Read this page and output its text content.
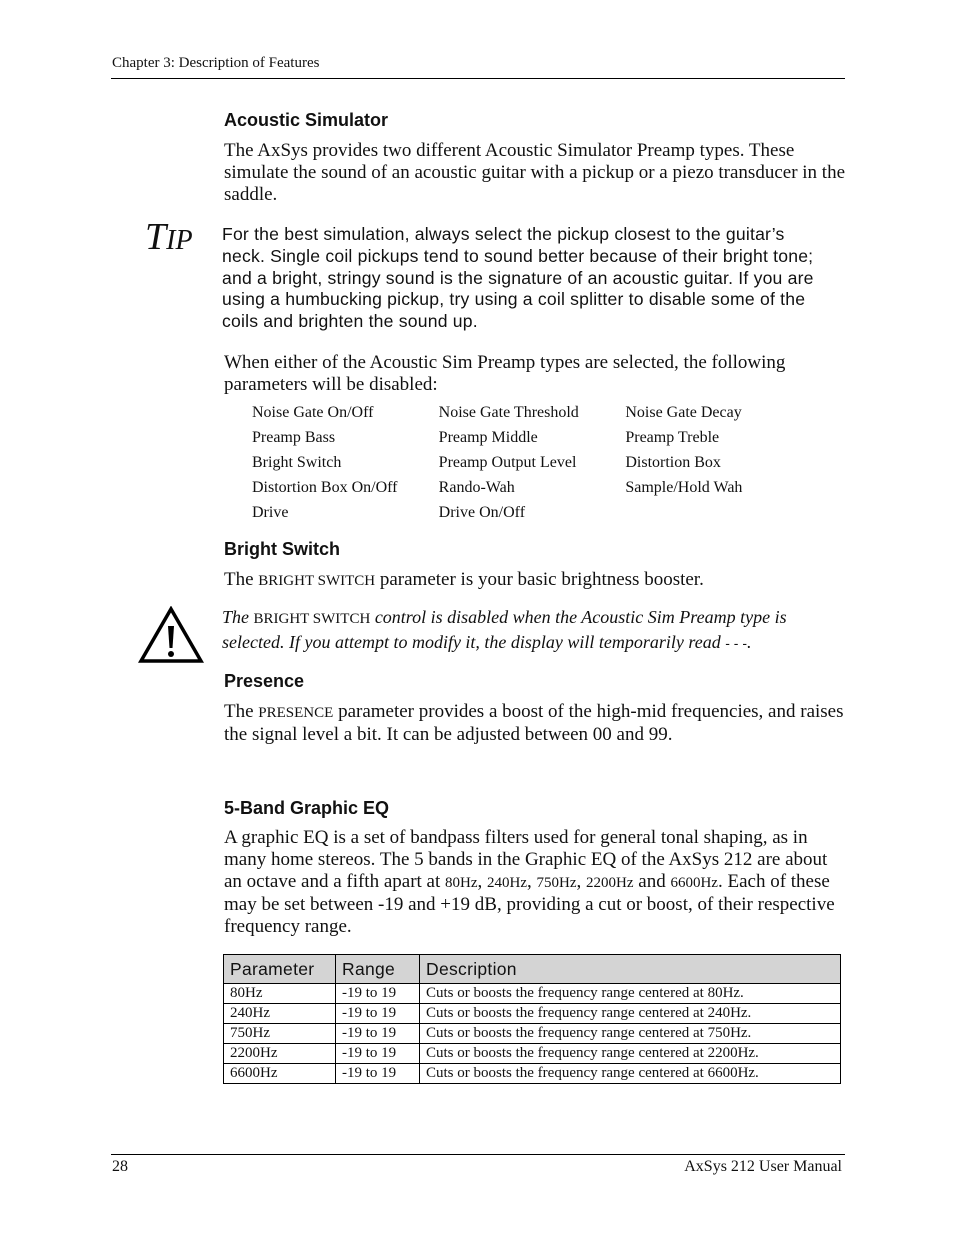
Chapter 3: Description of Features
Acoustic Simulator
The AxSys provides two different Acoustic Simulator Preamp types. These simulate the sound of an acoustic guitar with a pickup or a piezo transducer in the saddle.
TIP For the best simulation, always select the pickup closest to the guitar’s neck. Single coil pickups tend to sound better because of their bright tone; and a bright, stringy sound is the signature of an acoustic guitar. If you are using a humbucking pickup, try using a coil splitter to disable some of the coils and brighten the sound up.
When either of the Acoustic Sim Preamp types are selected, the following parameters will be disabled:
Noise Gate On/Off	Noise Gate Threshold	Noise Gate Decay
Preamp Bass	Preamp Middle	Preamp Treble
Bright Switch	Preamp Output Level	Distortion Box
Distortion Box On/Off	Rando-Wah	Sample/Hold Wah
Drive	Drive On/Off
Bright Switch
The BRIGHT SWITCH parameter is your basic brightness booster.
The BRIGHT SWITCH control is disabled when the Acoustic Sim Preamp type is selected. If you attempt to modify it, the display will temporarily read - - -.
Presence
The PRESENCE parameter provides a boost of the high-mid frequencies, and raises the signal level a bit. It can be adjusted between 00 and 99.
5-Band Graphic EQ
A graphic EQ is a set of bandpass filters used for general tonal shaping, as in many home stereos. The 5 bands in the Graphic EQ of the AxSys 212 are about an octave and a fifth apart at 80Hz, 240Hz, 750Hz, 2200Hz and 6600Hz. Each of these may be set between -19 and +19 dB, providing a cut or boost, of their respective frequency range.
Parameter	Range	Description
80Hz	-19 to 19	Cuts or boosts the frequency range centered at 80Hz.
240Hz	-19 to 19	Cuts or boosts the frequency range centered at 240Hz.
750Hz	-19 to 19	Cuts or boosts the frequency range centered at 750Hz.
2200Hz	-19 to 19	Cuts or boosts the frequency range centered at 2200Hz.
6600Hz	-19 to 19	Cuts or boosts the frequency range centered at 6600Hz.
28	AxSys 212 User Manual
